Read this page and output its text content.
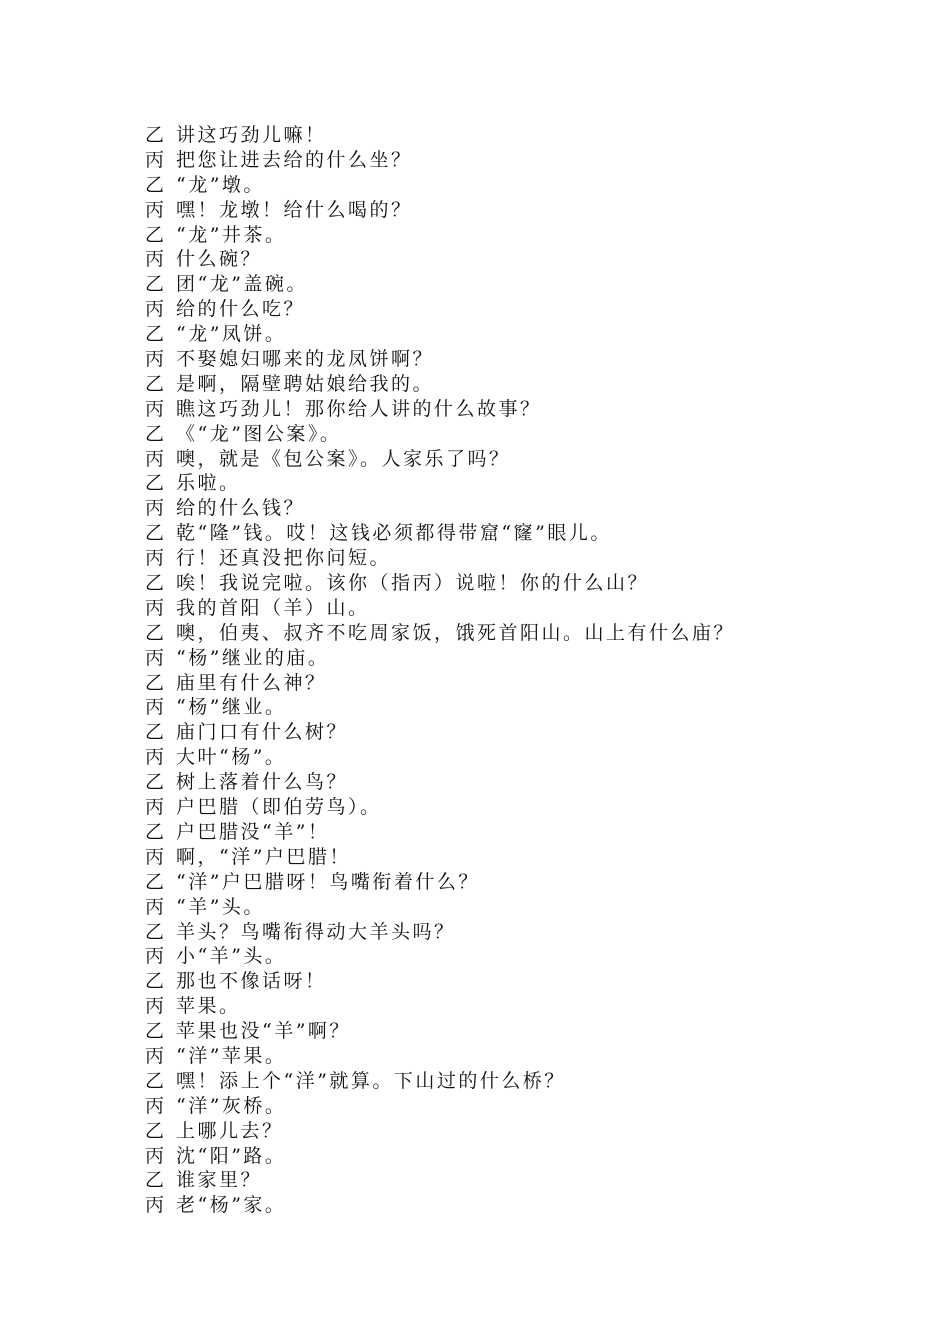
乙 讲这巧劲儿嘛！
丙 把您让进去给的什么坐？
乙 “龙”墩。
丙 嘿！龙墩！给什么喝的？
乙 “龙”井茶。
丙 什么碗？
乙 团“龙”盖碗。
丙 给的什么吃？
乙 “龙”凤饼。
丙 不娶媳妇哪来的龙凤饼啊？
乙 是啊，隔壁聘姑娘给我的。
丙 瞧这巧劲儿！那你给人讲的什么故事？
乙 《“龙”图公案》。
丙 噢，就是《包公案》。人家乐了吗？
乙 乐啦。
丙 给的什么钱？
乙 乾“隆”钱。哎！这钱必须都得带窟“窿”眼儿。
丙 行！还真没把你问短。
乙 唉！我说完啦。该你（指丙）说啦！你的什么山？
丙 我的首阳（羊）山。
乙 噢，伯夷、叔齐不吃周家饭，饿死首阳山。山上有什么庙？
丙 “杨”继业的庙。
乙 庙里有什么神？
丙 “杨”继业。
乙 庙门口有什么树？
丙 大叶“杨”。
乙 树上落着什么鸟？
丙 户巴腊（即伯劳鸟）。
乙 户巴腊没“羊”！
丙 啊，“洋”户巴腊！
乙 “洋”户巴腊呀！鸟嘴衔着什么？
丙 “羊”头。
乙 羊头？鸟嘴衔得动大羊头吗？
丙 小“羊”头。
乙 那也不像话呀！
丙 苹果。
乙 苹果也没“羊”啊？
丙 “洋”苹果。
乙 嘿！添上个“洋”就算。下山过的什么桥？
丙 “洋”灰桥。
乙 上哪儿去？
丙 沈“阳”路。
乙 谁家里？
丙 老“杨”家。
